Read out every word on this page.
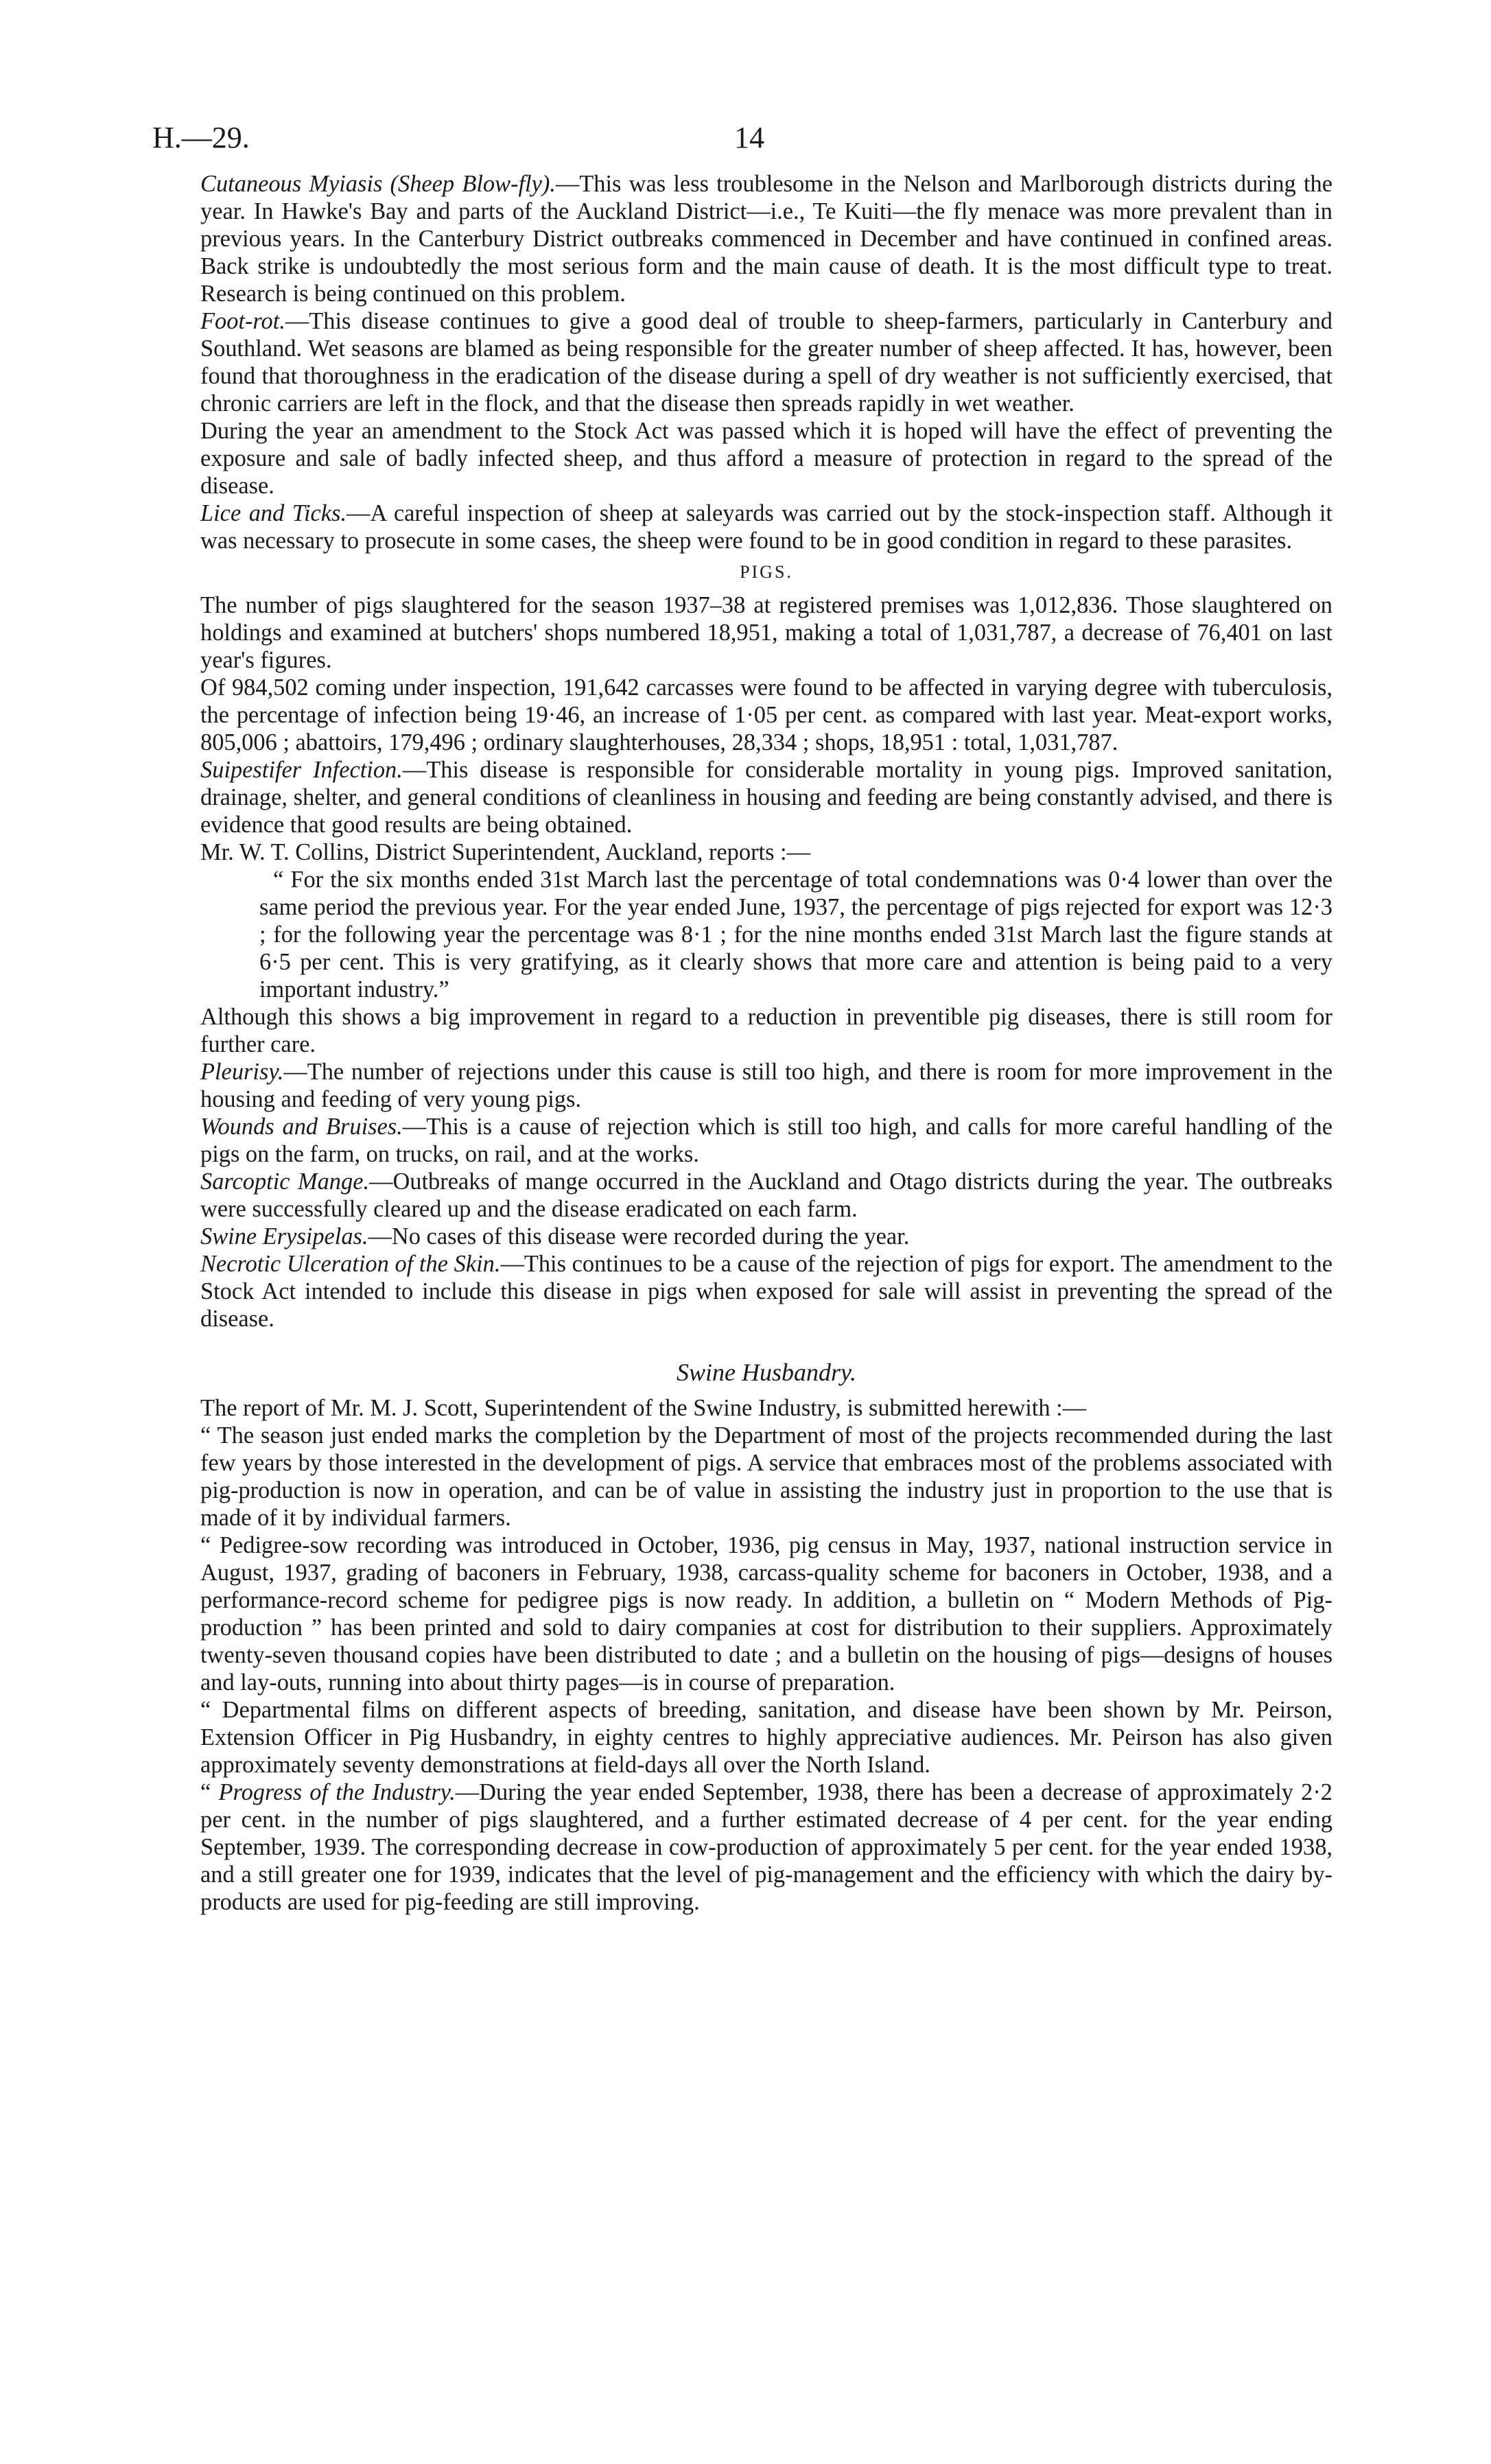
H.—29.	14

Cutaneous Myiasis (Sheep Blow-fly).—This was less troublesome in the Nelson and Marlborough districts during the year. In Hawke's Bay and parts of the Auckland District—i.e., Te Kuiti—the fly menace was more prevalent than in previous years. In the Canterbury District outbreaks commenced in December and have continued in confined areas. Back strike is undoubtedly the most serious form and the main cause of death. It is the most difficult type to treat. Research is being continued on this problem.

Foot-rot.—This disease continues to give a good deal of trouble to sheep-farmers, particularly in Canterbury and Southland. Wet seasons are blamed as being responsible for the greater number of sheep affected. It has, however, been found that thoroughness in the eradication of the disease during a spell of dry weather is not sufficiently exercised, that chronic carriers are left in the flock, and that the disease then spreads rapidly in wet weather.

During the year an amendment to the Stock Act was passed which it is hoped will have the effect of preventing the exposure and sale of badly infected sheep, and thus afford a measure of protection in regard to the spread of the disease.

Lice and Ticks.—A careful inspection of sheep at saleyards was carried out by the stock-inspection staff. Although it was necessary to prosecute in some cases, the sheep were found to be in good condition in regard to these parasites.

PIGS.

The number of pigs slaughtered for the season 1937–38 at registered premises was 1,012,836. Those slaughtered on holdings and examined at butchers' shops numbered 18,951, making a total of 1,031,787, a decrease of 76,401 on last year's figures.

Of 984,502 coming under inspection, 191,642 carcasses were found to be affected in varying degree with tuberculosis, the percentage of infection being 19·46, an increase of 1·05 per cent. as compared with last year. Meat-export works, 805,006 ; abattoirs, 179,496 ; ordinary slaughterhouses, 28,334 ; shops, 18,951 : total, 1,031,787.

Suipestifer Infection.—This disease is responsible for considerable mortality in young pigs. Improved sanitation, drainage, shelter, and general conditions of cleanliness in housing and feeding are being constantly advised, and there is evidence that good results are being obtained.

Mr. W. T. Collins, District Superintendent, Auckland, reports :—

“ For the six months ended 31st March last the percentage of total condemnations was 0·4 lower than over the same period the previous year. For the year ended June, 1937, the percentage of pigs rejected for export was 12·3 ; for the following year the percentage was 8·1 ; for the nine months ended 31st March last the figure stands at 6·5 per cent. This is very gratifying, as it clearly shows that more care and attention is being paid to a very important industry.”

Although this shows a big improvement in regard to a reduction in preventible pig diseases, there is still room for further care.

Pleurisy.—The number of rejections under this cause is still too high, and there is room for more improvement in the housing and feeding of very young pigs.

Wounds and Bruises.—This is a cause of rejection which is still too high, and calls for more careful handling of the pigs on the farm, on trucks, on rail, and at the works.

Sarcoptic Mange.—Outbreaks of mange occurred in the Auckland and Otago districts during the year. The outbreaks were successfully cleared up and the disease eradicated on each farm.

Swine Erysipelas.—No cases of this disease were recorded during the year.

Necrotic Ulceration of the Skin.—This continues to be a cause of the rejection of pigs for export. The amendment to the Stock Act intended to include this disease in pigs when exposed for sale will assist in preventing the spread of the disease.

Swine Husbandry.

The report of Mr. M. J. Scott, Superintendent of the Swine Industry, is submitted herewith :—

“ The season just ended marks the completion by the Department of most of the projects recommended during the last few years by those interested in the development of pigs. A service that embraces most of the problems associated with pig-production is now in operation, and can be of value in assisting the industry just in proportion to the use that is made of it by individual farmers.

“ Pedigree-sow recording was introduced in October, 1936, pig census in May, 1937, national instruction service in August, 1937, grading of baconers in February, 1938, carcass-quality scheme for baconers in October, 1938, and a performance-record scheme for pedigree pigs is now ready. In addition, a bulletin on “ Modern Methods of Pig-production ” has been printed and sold to dairy companies at cost for distribution to their suppliers. Approximately twenty-seven thousand copies have been distributed to date ; and a bulletin on the housing of pigs—designs of houses and lay-outs, running into about thirty pages—is in course of preparation.

“ Departmental films on different aspects of breeding, sanitation, and disease have been shown by Mr. Peirson, Extension Officer in Pig Husbandry, in eighty centres to highly appreciative audiences. Mr. Peirson has also given approximately seventy demonstrations at field-days all over the North Island.

“ Progress of the Industry.—During the year ended September, 1938, there has been a decrease of approximately 2·2 per cent. in the number of pigs slaughtered, and a further estimated decrease of 4 per cent. for the year ending September, 1939. The corresponding decrease in cow-production of approximately 5 per cent. for the year ended 1938, and a still greater one for 1939, indicates that the level of pig-management and the efficiency with which the dairy by-products are used for pig-feeding are still improving.
